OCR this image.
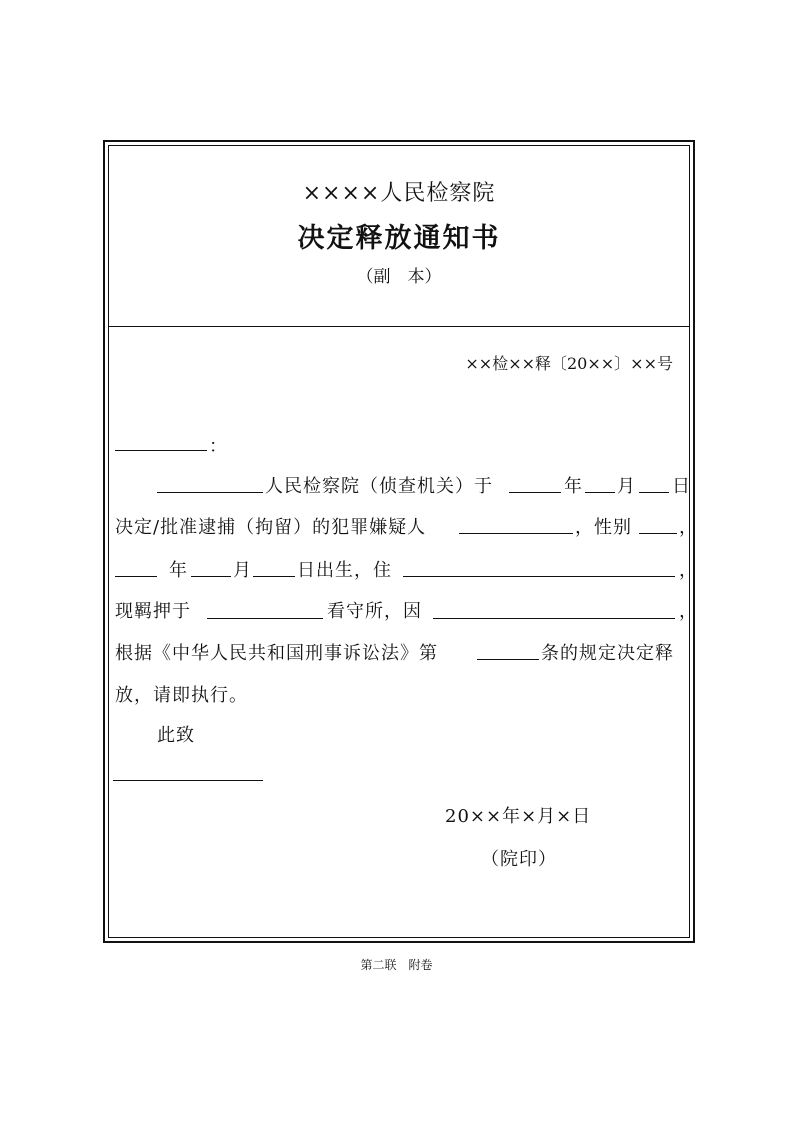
××××人民检察院
决定释放通知书
（副　本）
××检××释〔20××〕××号
：
人民检察院（侦查机关）于	年 月 日
决定/批准逮捕（拘留）的犯罪嫌疑人	，性别	，
年	月	日出生，住	，
现羁押于	看守所，因	，
根据《中华人民共和国刑事诉讼法》第	条的规定决定释
放，请即执行。
此致
20××年×月×日
（院印）
第二联　附卷
